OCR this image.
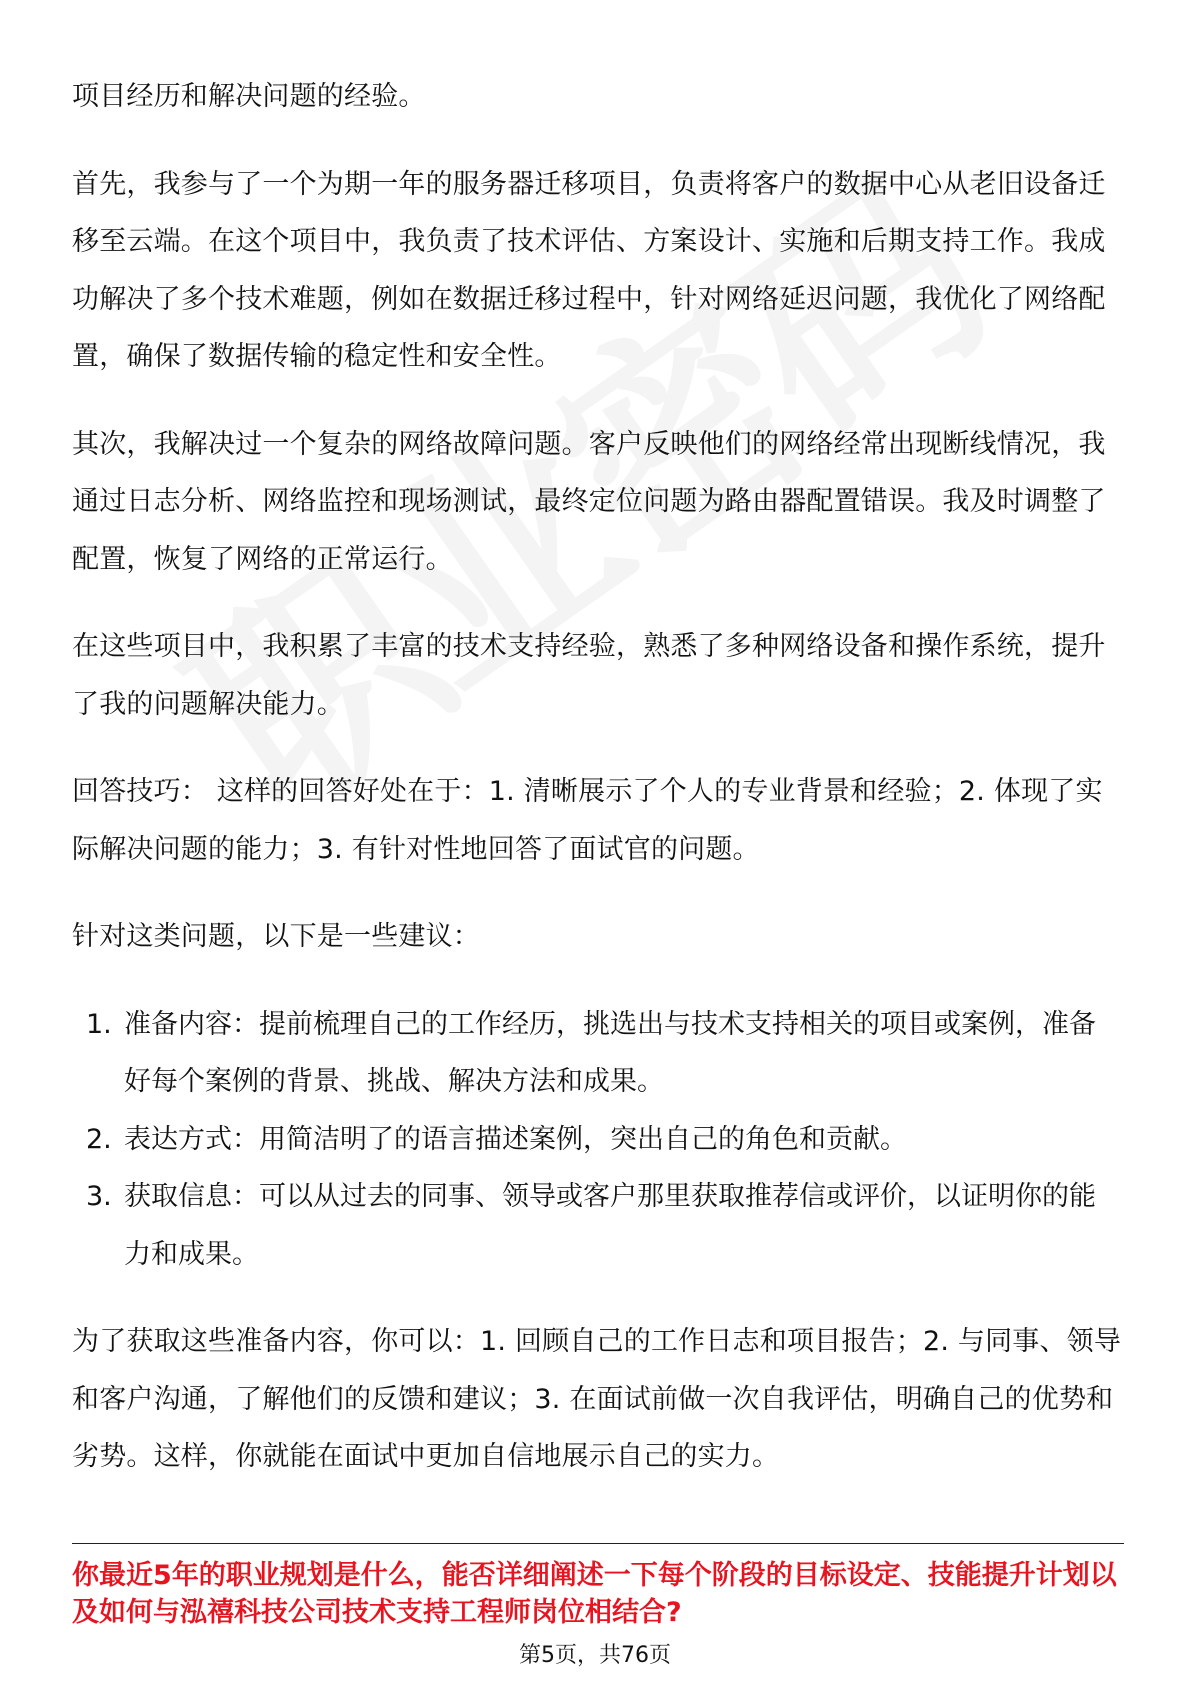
项目经历和解决问题的经验。

首先，我参与了一个为期一年的服务器迁移项目，负责将客户的数据中心从老旧设备迁移至云端。在这个项目中，我负责了技术评估、方案设计、实施和后期支持工作。我成功解决了多个技术难题，例如在数据迁移过程中，针对网络延迟问题，我优化了网络配置，确保了数据传输的稳定性和安全性。

其次，我解决过一个复杂的网络故障问题。客户反映他们的网络经常出现断线情况，我通过日志分析、网络监控和现场测试，最终定位问题为路由器配置错误。我及时调整了配置，恢复了网络的正常运行。

在这些项目中，我积累了丰富的技术支持经验，熟悉了多种网络设备和操作系统，提升了我的问题解决能力。

回答技巧： 这样的回答好处在于：1. 清晰展示了个人的专业背景和经验；2. 体现了实际解决问题的能力；3. 有针对性地回答了面试官的问题。

针对这类问题，以下是一些建议：

1. 准备内容：提前梳理自己的工作经历，挑选出与技术支持相关的项目或案例，准备好每个案例的背景、挑战、解决方法和成果。
2. 表达方式：用简洁明了的语言描述案例，突出自己的角色和贡献。
3. 获取信息：可以从过去的同事、领导或客户那里获取推荐信或评价，以证明你的能力和成果。

为了获取这些准备内容，你可以：1. 回顾自己的工作日志和项目报告；2. 与同事、领导和客户沟通，了解他们的反馈和建议；3. 在面试前做一次自我评估，明确自己的优势和劣势。这样，你就能在面试中更加自信地展示自己的实力。

你最近5年的职业规划是什么，能否详细阐述一下每个阶段的目标设定、技能提升计划以及如何与泓禧科技公司技术支持工程师岗位相结合?

第5页，共76页
